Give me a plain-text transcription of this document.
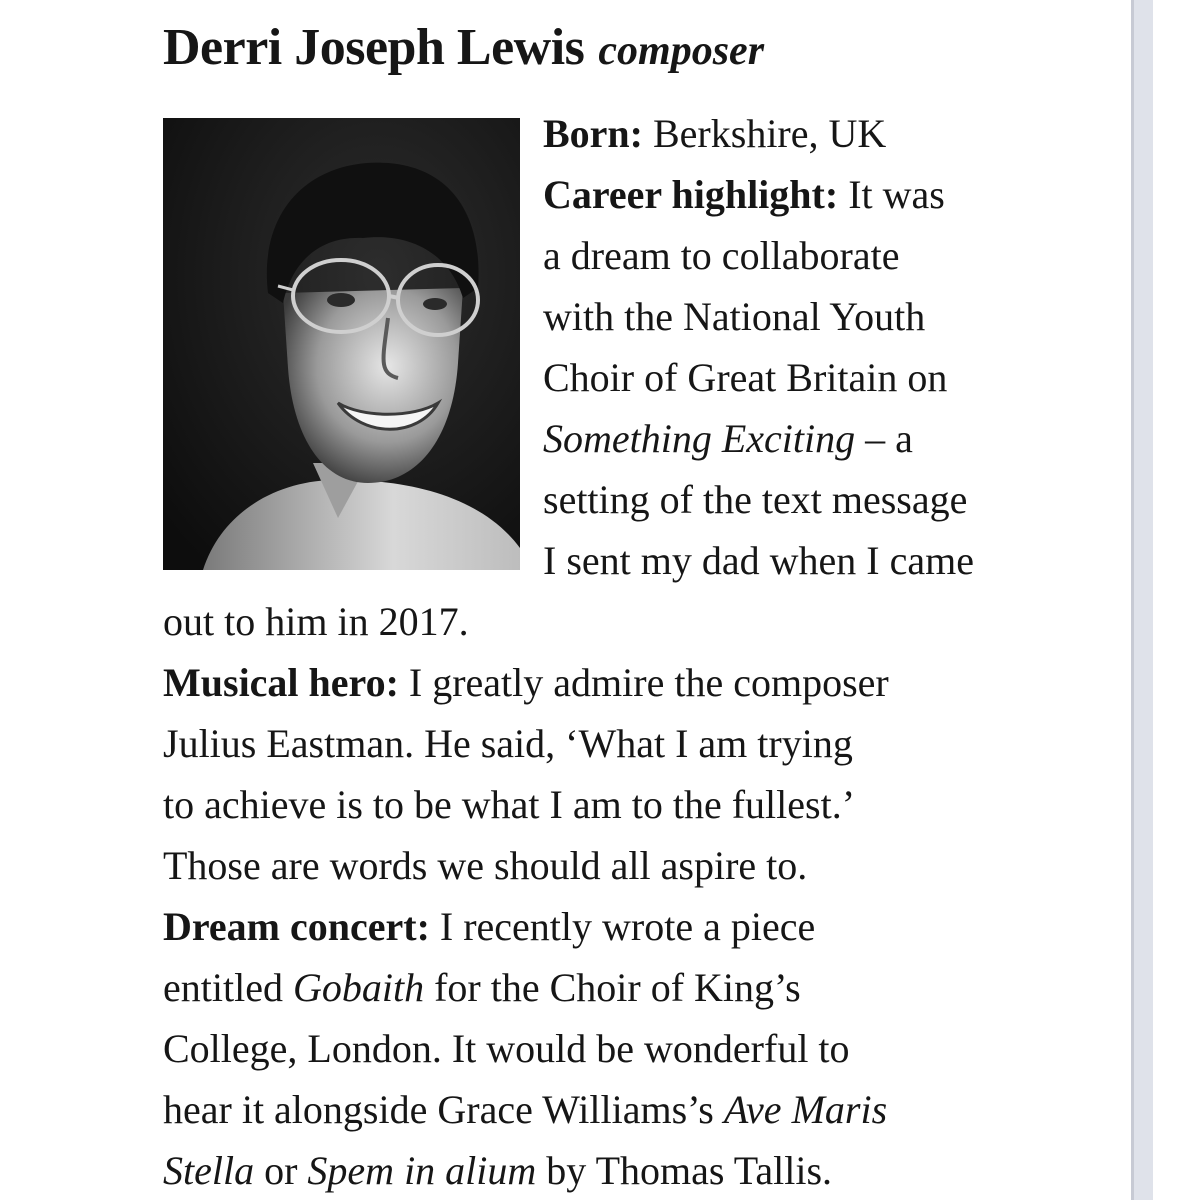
Derri Joseph Lewis composer
Born: Berkshire, UK
Career highlight: It was
a dream to collaborate
with the National Youth
Choir of Great Britain on
Something Exciting – a
setting of the text message
I sent my dad when I came
out to him in 2017.
Musical hero: I greatly admire the composer
Julius Eastman. He said, ‘What I am trying
to achieve is to be what I am to the fullest.’
Those are words we should all aspire to.
Dream concert: I recently wrote a piece
entitled Gobaith for the Choir of King’s
College, London. It would be wonderful to
hear it alongside Grace Williams’s Ave Maris
Stella or Spem in alium by Thomas Tallis.
